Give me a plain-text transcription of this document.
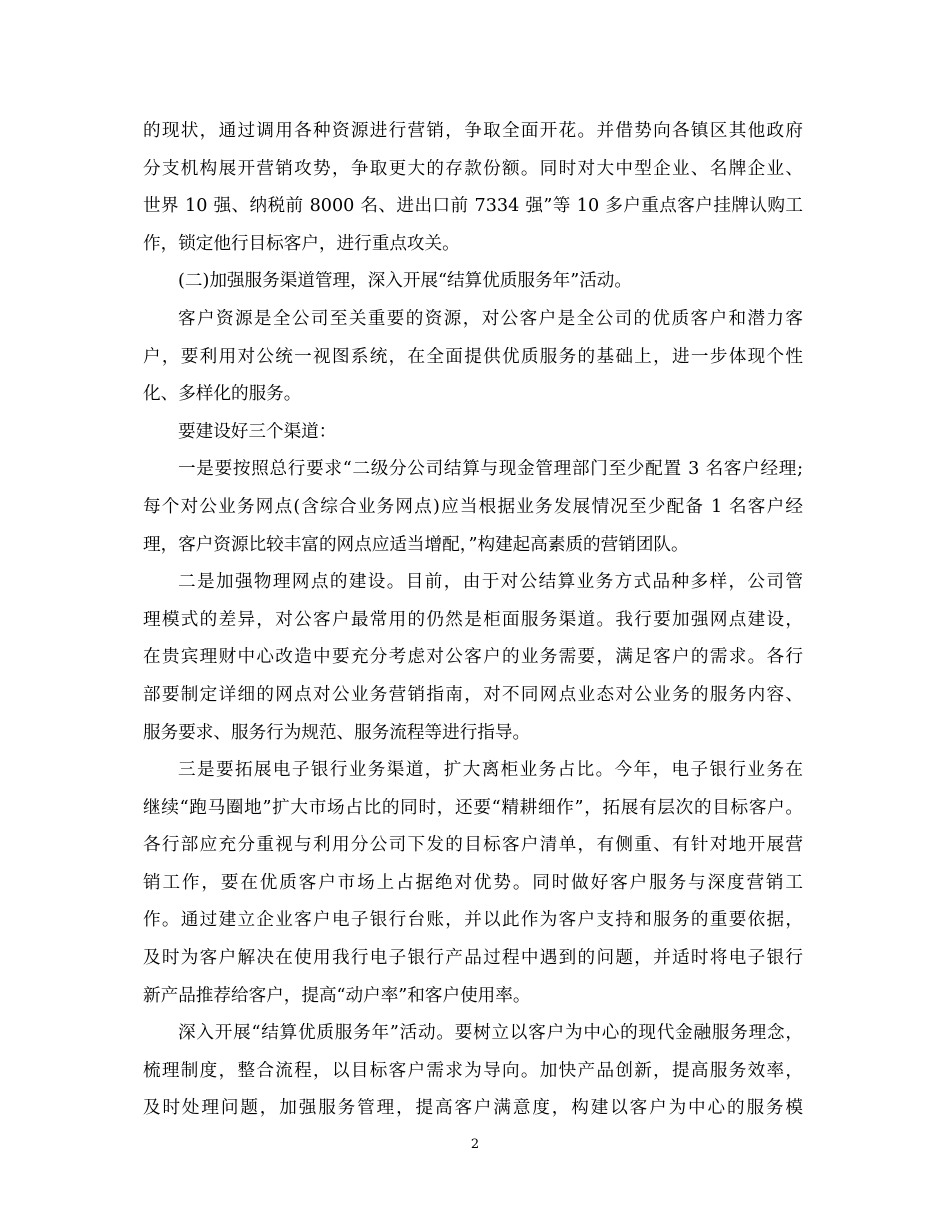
的现状，通过调用各种资源进行营销，争取全面开花。并借势向各镇区其他政府
分支机构展开营销攻势，争取更大的存款份额。同时对大中型企业、名牌企业、
世界 10 强、纳税前 8000 名、进出口前 7334 强”等 10 多户重点客户挂牌认购工
作，锁定他行目标客户，进行重点攻关。
(二)加强服务渠道管理，深入开展“结算优质服务年”活动。
客户资源是全公司至关重要的资源，对公客户是全公司的优质客户和潜力客
户，要利用对公统一视图系统，在全面提供优质服务的基础上，进一步体现个性
化、多样化的服务。
要建设好三个渠道：
一是要按照总行要求“二级分公司结算与现金管理部门至少配置 3 名客户经理;
每个对公业务网点(含综合业务网点)应当根据业务发展情况至少配备 1 名客户经
理，客户资源比较丰富的网点应适当增配，”构建起高素质的营销团队。
二是加强物理网点的建设。目前，由于对公结算业务方式品种多样，公司管
理模式的差异，对公客户最常用的仍然是柜面服务渠道。我行要加强网点建设，
在贵宾理财中心改造中要充分考虑对公客户的业务需要，满足客户的需求。各行
部要制定详细的网点对公业务营销指南，对不同网点业态对公业务的服务内容、
服务要求、服务行为规范、服务流程等进行指导。
三是要拓展电子银行业务渠道，扩大离柜业务占比。今年，电子银行业务在
继续“跑马圈地”扩大市场占比的同时，还要“精耕细作”，拓展有层次的目标客户。
各行部应充分重视与利用分公司下发的目标客户清单，有侧重、有针对地开展营
销工作，要在优质客户市场上占据绝对优势。同时做好客户服务与深度营销工
作。通过建立企业客户电子银行台账，并以此作为客户支持和服务的重要依据，
及时为客户解决在使用我行电子银行产品过程中遇到的问题，并适时将电子银行
新产品推荐给客户，提高“动户率”和客户使用率。
深入开展“结算优质服务年”活动。要树立以客户为中心的现代金融服务理念，
梳理制度，整合流程，以目标客户需求为导向。加快产品创新，提高服务效率，
及时处理问题，加强服务管理，提高客户满意度，构建以客户为中心的服务模
2
